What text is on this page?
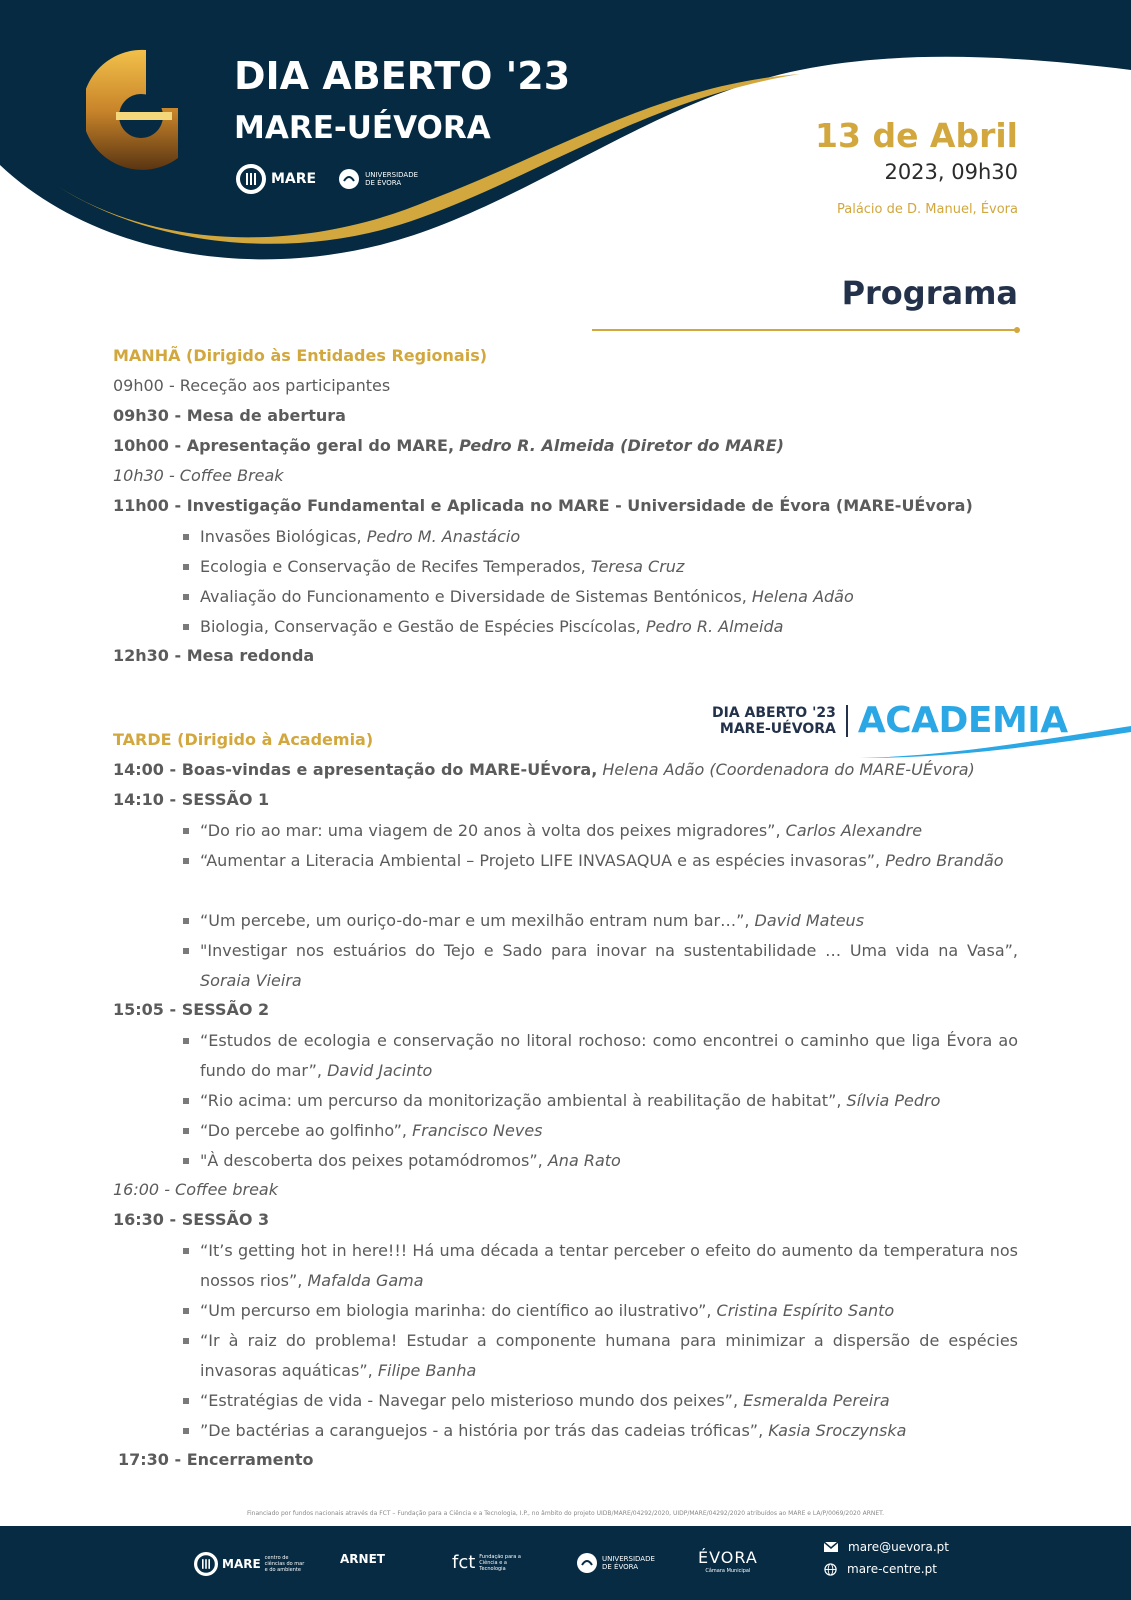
DIA ABERTO '23
MARE-UÉVORA
MARE	UNIVERSIDADE
DE ÉVORA
13 de Abril
2023, 09h30
Palácio de D. Manuel, Évora
Programa
MANHÃ (Dirigido às Entidades Regionais)
09h00 - Receção aos participantes
09h30 - Mesa de abertura
10h00 - Apresentação geral do MARE, Pedro R. Almeida (Diretor do MARE)
10h30 - Coffee Break
11h00 - Investigação Fundamental e Aplicada no MARE - Universidade de Évora (MARE-UÉvora)
Invasões Biológicas, Pedro M. Anastácio
Ecologia e Conservação de Recifes Temperados, Teresa Cruz
Avaliação do Funcionamento e Diversidade de Sistemas Bentónicos, Helena Adão
Biologia, Conservação e Gestão de Espécies Piscícolas, Pedro R. Almeida
12h30 - Mesa redonda
DIA ABERTO '23
MARE-UÉVORA ACADEMIA
TARDE (Dirigido à Academia)
14:00 - Boas-vindas e apresentação do MARE-UÉvora, Helena Adão (Coordenadora do MARE-UÉvora)
14:10 - SESSÃO 1
“Do rio ao mar: uma viagem de 20 anos à volta dos peixes migradores”, Carlos Alexandre
“Aumentar a Literacia Ambiental – Projeto LIFE INVASAQUA e as espécies invasoras”, Pedro Brandão
“Um percebe, um ouriço-do-mar e um mexilhão entram num bar…”, David Mateus
"Investigar nos estuários do Tejo e Sado para inovar na sustentabilidade … Uma vida na Vasa”, Soraia Vieira
15:05 - SESSÃO 2
“Estudos de ecologia e conservação no litoral rochoso: como encontrei o caminho que liga Évora ao fundo do mar”, David Jacinto
“Rio acima: um percurso da monitorização ambiental à reabilitação de habitat”, Sílvia Pedro
“Do percebe ao golfinho”, Francisco Neves
"À descoberta dos peixes potamódromos”, Ana Rato
16:00 - Coffee break
16:30 - SESSÃO 3
“It’s getting hot in here!!! Há uma década a tentar perceber o efeito do aumento da temperatura nos nossos rios”, Mafalda Gama
“Um percurso em biologia marinha: do científico ao ilustrativo”, Cristina Espírito Santo
“Ir à raiz do problema! Estudar a componente humana para minimizar a dispersão de espécies invasoras aquáticas”, Filipe Banha
“Estratégias de vida - Navegar pelo misterioso mundo dos peixes”, Esmeralda Pereira
”De bactérias a caranguejos - a história por trás das cadeias tróficas”, Kasia Sroczynska
17:30 - Encerramento
Financiado por fundos nacionais através da FCT – Fundação para a Ciência e a Tecnologia, I.P., no âmbito do projeto UIDB/MARE/04292/2020, UIDP/MARE/04292/2020 atribuídos ao MARE e LA/P/0069/2020 ARNET.
MARE centro de ciências do mar e do ambiente
ARNET	fct Fundação para a Ciência e a Tecnologia
UNIVERSIDADE
DE ÉVORA	ÉVORA
Câmara Municipal
mare@uevora.pt
mare-centre.pt
